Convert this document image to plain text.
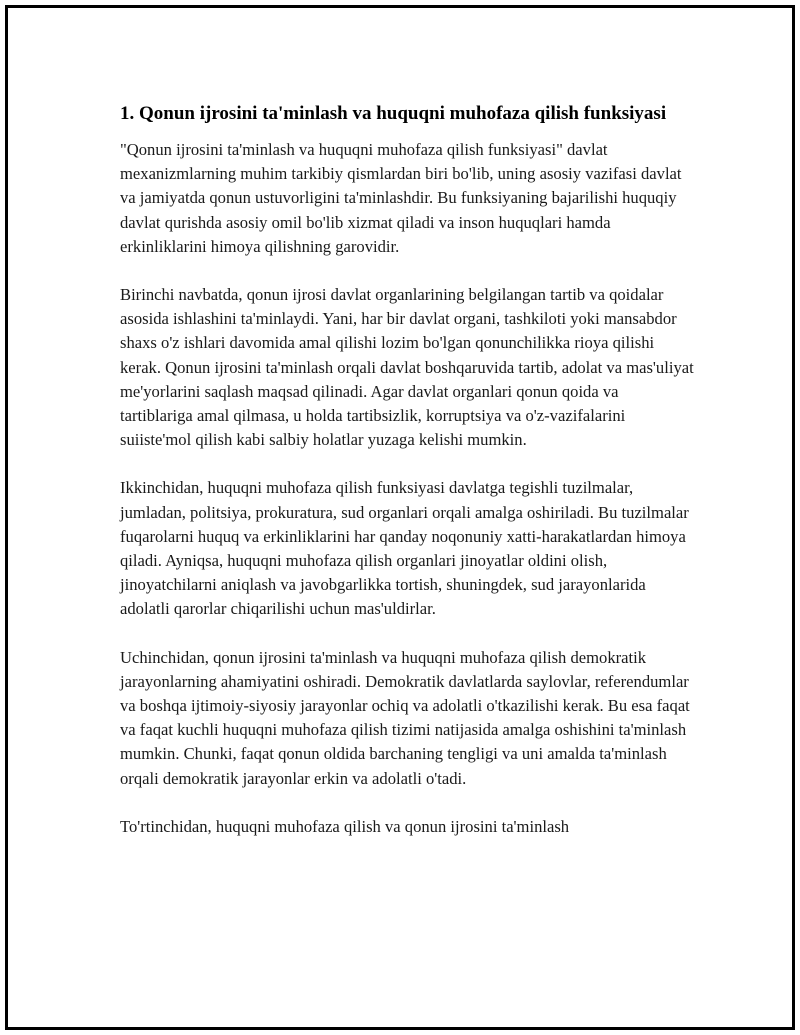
1. Qonun ijrosini ta'minlash va huquqni muhofaza qilish funksiyasi

"Qonun ijrosini ta'minlash va huquqni muhofaza qilish funksiyasi" davlat mexanizmlarning muhim tarkibiy qismlardan biri bo'lib, uning asosiy vazifasi davlat va jamiyatda qonun ustuvorligini ta'minlashdir. Bu funksiyaning bajarilishi huquqiy davlat qurishda asosiy omil bo'lib xizmat qiladi va inson huquqlari hamda erkinliklarini himoya qilishning garovidir.

Birinchi navbatda, qonun ijrosi davlat organlarining belgilangan tartib va qoidalar asosida ishlashini ta'minlaydi. Yani, har bir davlat organi, tashkiloti yoki mansabdor shaxs o'z ishlari davomida amal qilishi lozim bo'lgan qonunchilikka rioya qilishi kerak. Qonun ijrosini ta'minlash orqali davlat boshqaruvida tartib, adolat va mas'uliyat me'yorlarini saqlash maqsad qilinadi. Agar davlat organlari qonun qoida va tartiblariga amal qilmasa, u holda tartibsizlik, korruptsiya va o'z-vazifalarini suiiste'mol qilish kabi salbiy holatlar yuzaga kelishi mumkin.

Ikkinchidan, huquqni muhofaza qilish funksiyasi davlatga tegishli tuzilmalar, jumladan, politsiya, prokuratura, sud organlari orqali amalga oshiriladi. Bu tuzilmalar fuqarolarni huquq va erkinliklarini har qanday noqonuniy xatti-harakatlardan himoya qiladi. Ayniqsa, huquqni muhofaza qilish organlari jinoyatlar oldini olish, jinoyatchilarni aniqlash va javobgarlikka tortish, shuningdek, sud jarayonlarida adolatli qarorlar chiqarilishi uchun mas'uldirlar.

Uchinchidan, qonun ijrosini ta'minlash va huquqni muhofaza qilish demokratik jarayonlarning ahamiyatini oshiradi. Demokratik davlatlarda saylovlar, referendumlar va boshqa ijtimoiy-siyosiy jarayonlar ochiq va adolatli o'tkazilishi kerak. Bu esa faqat va faqat kuchli huquqni muhofaza qilish tizimi natijasida amalga oshishini ta'minlash mumkin. Chunki, faqat qonun oldida barchaning tengligi va uni amalda ta'minlash orqali demokratik jarayonlar erkin va adolatli o'tadi.

To'rtinchidan, huquqni muhofaza qilish va qonun ijrosini ta'minlash
